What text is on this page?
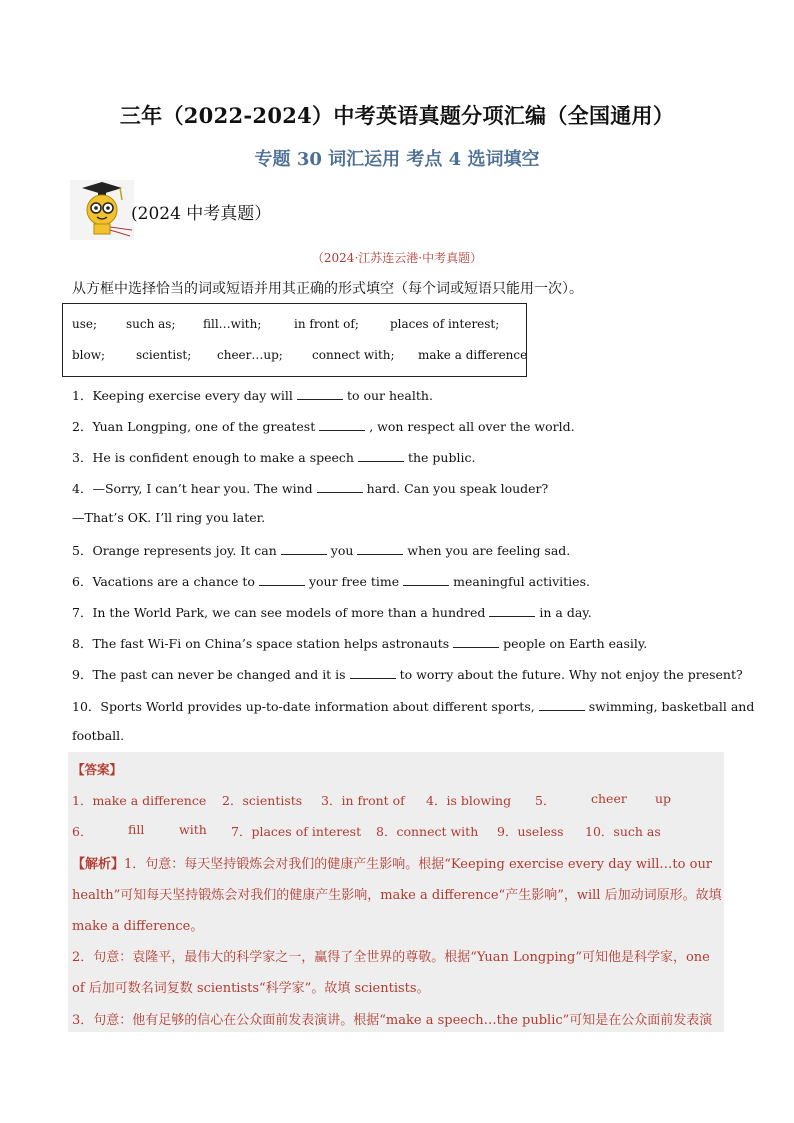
三年（2022-2024）中考英语真题分项汇编（全国通用）
专题 30 词汇运用 考点 4 选词填空
(2024 中考真题）
（2024·江苏连云港·中考真题）
从方框中选择恰当的词或短语并用其正确的形式填空（每个词或短语只能用一次）。
use; such as; fill…with;	in front of;	places of interest;
blow;	scientist; cheer…up; connect with; make a difference
1．Keeping exercise every day will	to our health.
2．Yuan Longping, one of the greatest	, won respect all over the world.
3．He is confident enough to make a speech	the public.
4．—Sorry, I can’t hear you. The wind	hard. Can you speak louder?
—That’s OK. I’ll ring you later.
5．Orange represents joy. It can	you	when you are feeling sad.
6．Vacations are a chance to	your free time	meaningful activities.
7．In the World Park, we can see models of more than a hundred	in a day.
8．The fast Wi-Fi on China’s space station helps astronauts	people on Earth easily.
9．The past can never be changed and it is	to worry about the future. Why not enjoy the present?
10．Sports World provides up-to-date information about different sports,	swimming, basketball and
football.
【答案】
1．make a difference 2．scientists 3．in front of 4．is blowing 5．	cheer up
6．	fill	with 7．places of interest 8．connect with 9．useless 10．such as
【解析】1．句意：每天坚持锻炼会对我们的健康产生影响。根据“Keeping exercise every day will…to our
health”可知每天坚持锻炼会对我们的健康产生影响，make a difference“产生影响”，will 后加动词原形。故填
make a difference。
2．句意：袁隆平，最伟大的科学家之一，赢得了全世界的尊敬。根据“Yuan Longping”可知他是科学家，one
of 后加可数名词复数 scientists“科学家”。故填 scientists。
3．句意：他有足够的信心在公众面前发表演讲。根据“make a speech…the public”可知是在公众面前发表演
